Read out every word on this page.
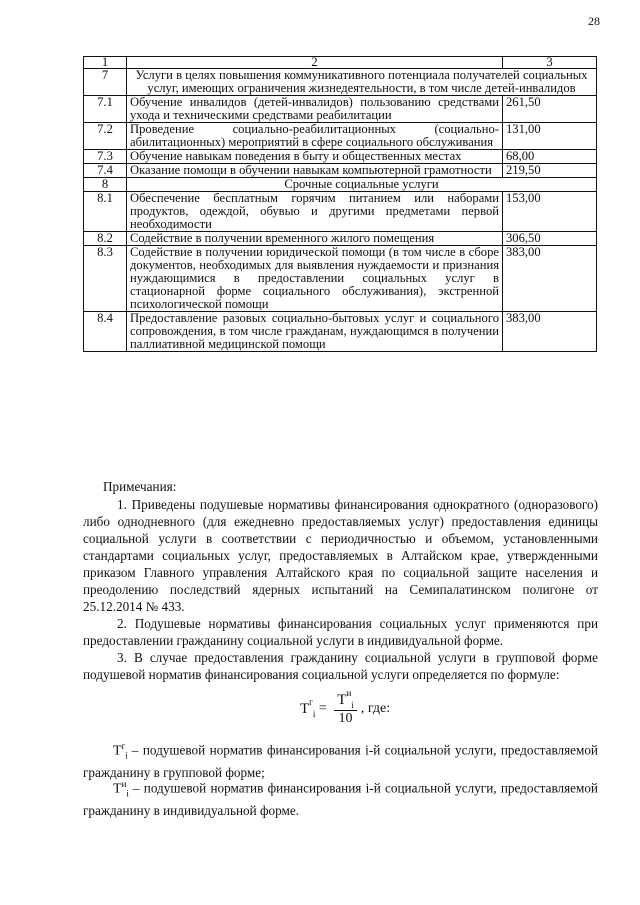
28
1	2	3
7	Услуги в целях повышения коммуникативного потенциала получателей социальных услуг, имеющих ограничения жизнедеятельности, в том числе детей-инвалидов	
7.1	Обучение инвалидов (детей-инвалидов) пользованию средствами ухода и техническими средствами реабилитации	261,50
7.2	Проведение социально-реабилитационных (социально-абилитационных) мероприятий в сфере социального обслуживания	131,00
7.3	Обучение навыкам поведения в быту и общественных местах	68,00
7.4	Оказание помощи в обучении навыкам компьютерной грамотности	219,50
8	Срочные социальные услуги	
8.1	Обеспечение бесплатным горячим питанием или наборами продуктов, одеждой, обувью и другими предметами первой необходимости	153,00
8.2	Содействие в получении временного жилого помещения	306,50
8.3	Содействие в получении юридической помощи (в том числе в сборе документов, необходимых для выявления нуждаемости и признания нуждающимися в предоставлении социальных услуг в стационарной форме социального обслуживания), экстренной психологической помощи	383,00
8.4	Предоставление разовых социально-бытовых услуг и социального сопровождения, в том числе гражданам, нуждающимся в получении паллиативной медицинской помощи	383,00

Примечания:

1. Приведены подушевые нормативы финансирования однократного (одноразового) либо однодневного (для ежедневно предоставляемых услуг) предоставления единицы социальной услуги в соответствии с периодичностью и объемом, установленными стандартами социальных услуг, предоставляемых в Алтайском крае, утвержденными приказом Главного управления Алтайского края по социальной защите населения и преодолению последствий ядерных испытаний на Семипалатинском полигоне от 25.12.2014 № 433.

2. Подушевые нормативы финансирования социальных услуг применяются при предоставлении гражданину социальной услуги в индивидуальной форме.

3. В случае предоставления гражданину социальной услуги в групповой форме подушевой норматив финансирования социальной услуги определяется по формуле:

$T^г_i = \frac{T^и_i}{10}$ , где:
$T^г_i$ – подушевой норматив финансирования i-й социальной услуги, предоставляемой гражданину в групповой форме;
$T^и_i$ – подушевой норматив финансирования i-й социальной услуги, предоставляемой гражданину в индивидуальной форме.
